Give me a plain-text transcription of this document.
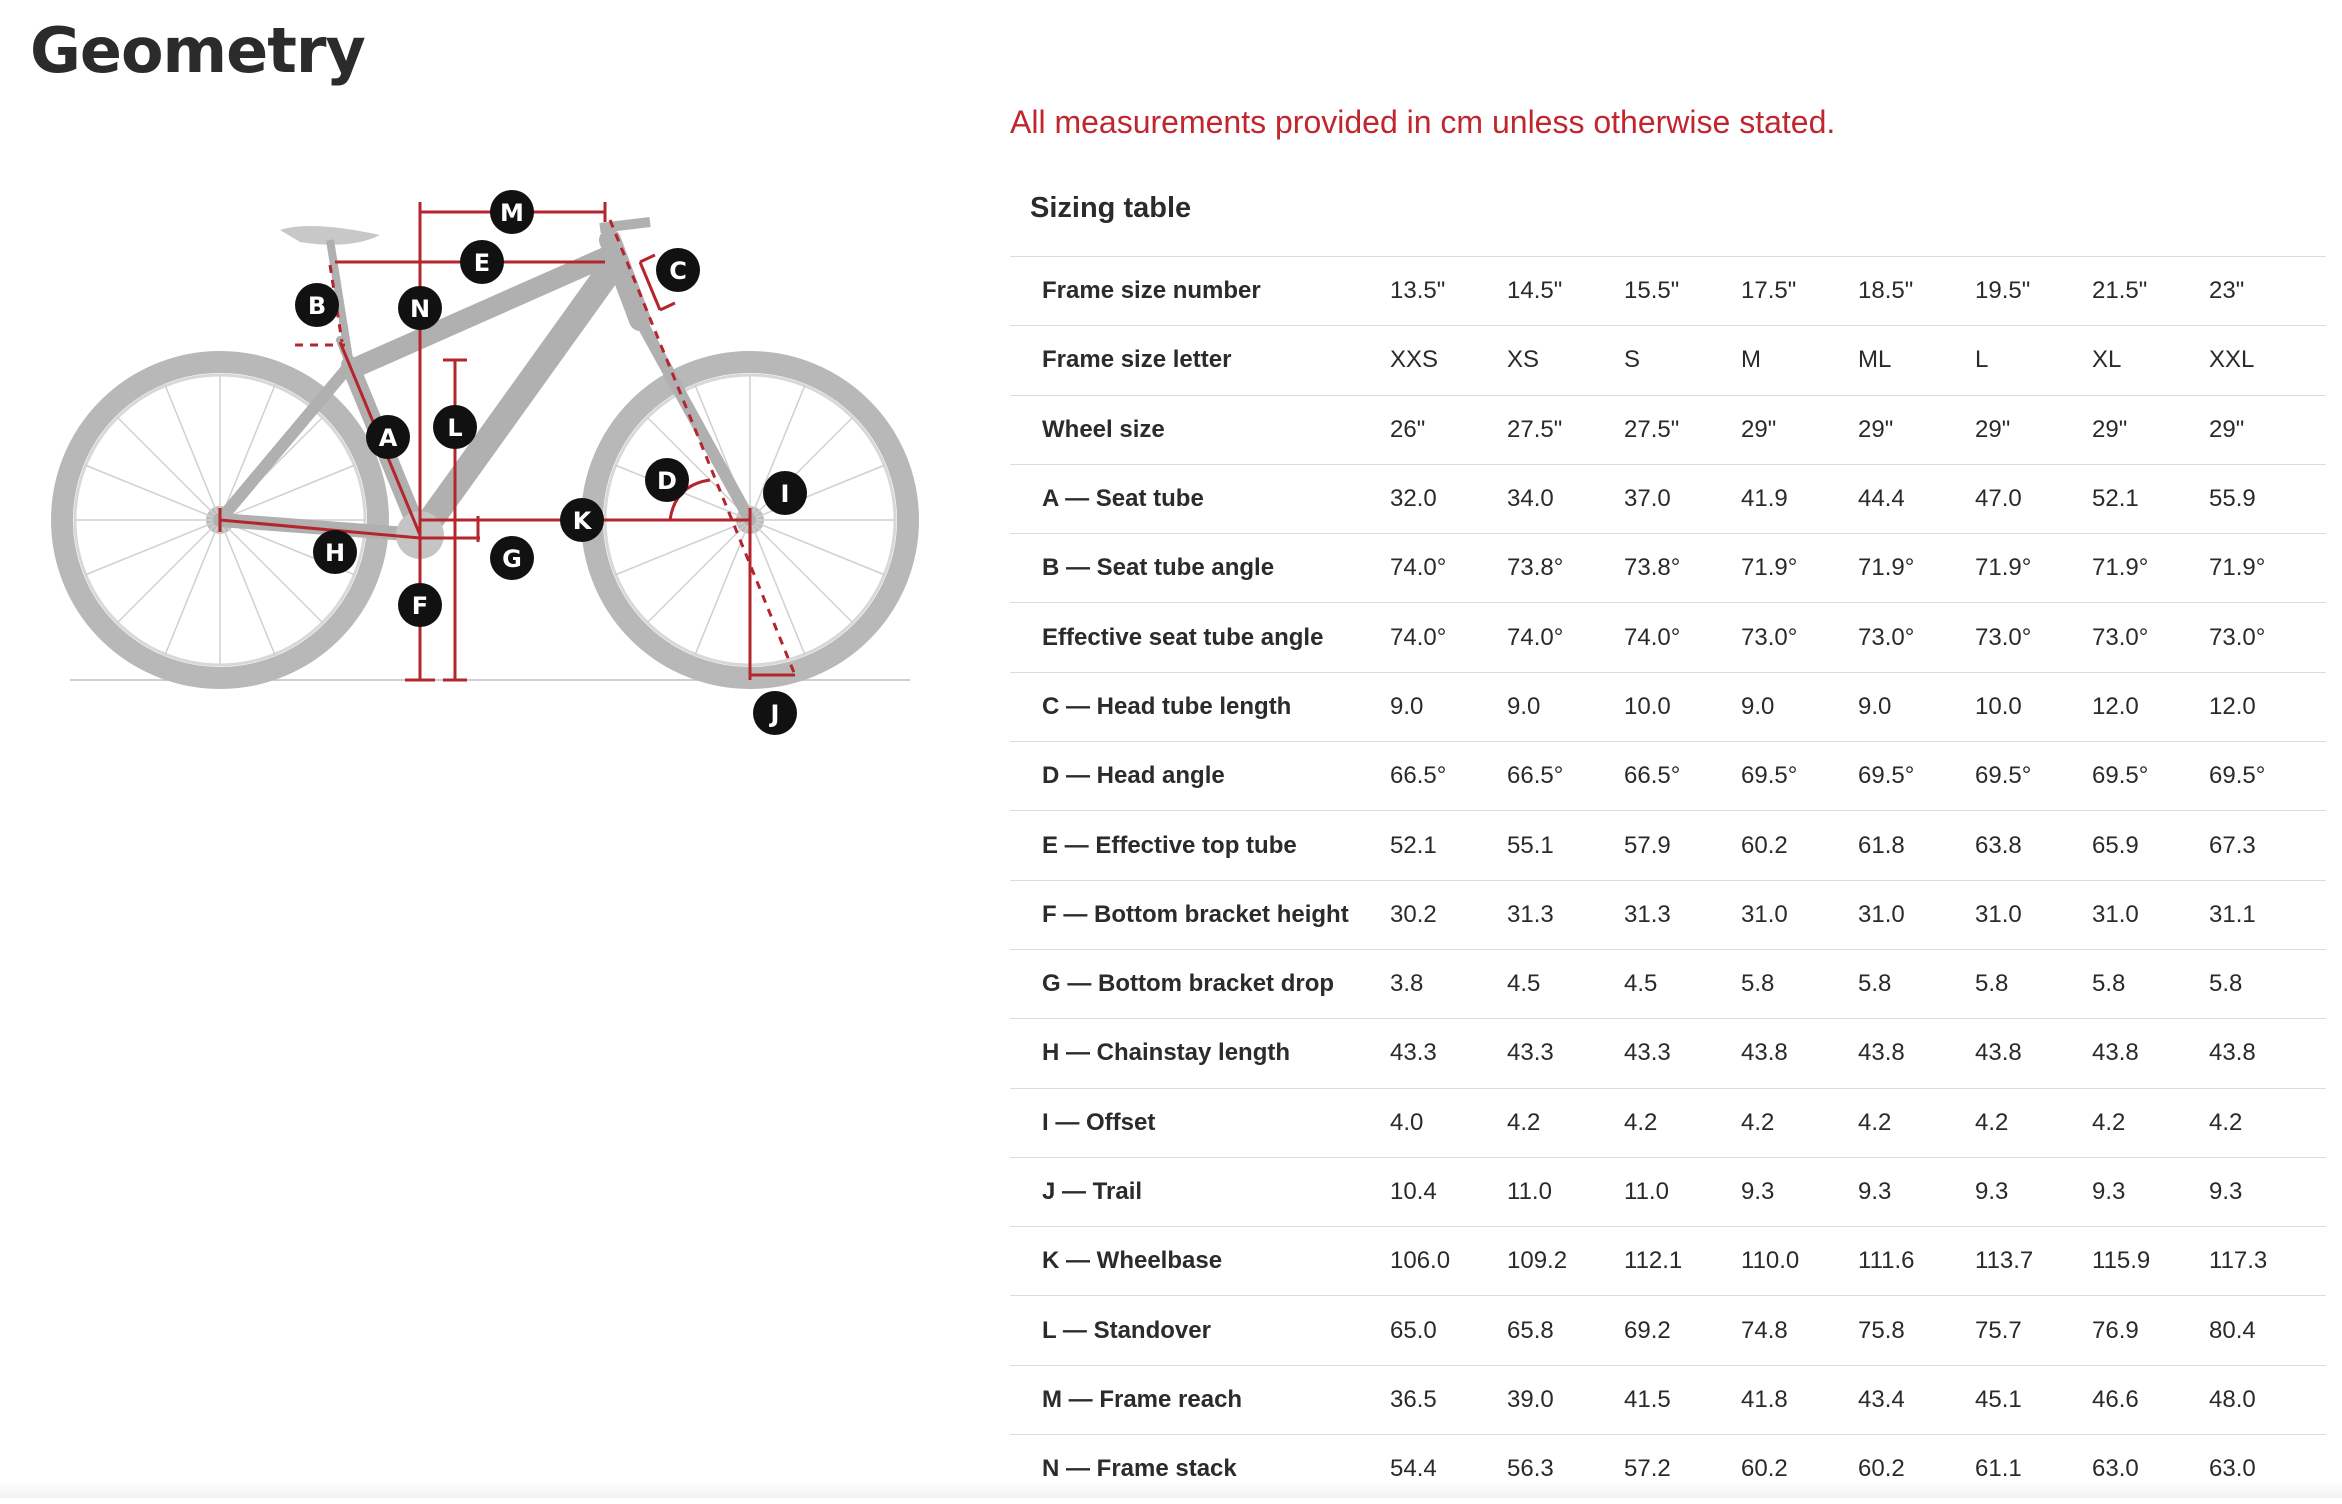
Geometry
M
E	C
B	N
A L
D	I
K
H	G
F
J

All measurements provided in cm unless otherwise stated.

Sizing table

Frame size number	13.5"	14.5"	15.5"	17.5"	18.5"	19.5"	21.5"	23"
Frame size letter	XXS	XS	S	M	ML	L	XL	XXL
Wheel size	26"	27.5"	27.5"	29"	29"	29"	29"	29"
A — Seat tube	32.0	34.0	37.0	41.9	44.4	47.0	52.1	55.9
B — Seat tube angle	74.0°	73.8°	73.8°	71.9°	71.9°	71.9°	71.9°	71.9°
Effective seat tube angle	74.0°	74.0°	74.0°	73.0°	73.0°	73.0°	73.0°	73.0°
C — Head tube length	9.0	9.0	10.0	9.0	9.0	10.0	12.0	12.0
D — Head angle	66.5°	66.5°	66.5°	69.5°	69.5°	69.5°	69.5°	69.5°
E — Effective top tube	52.1	55.1	57.9	60.2	61.8	63.8	65.9	67.3
F — Bottom bracket height	30.2	31.3	31.3	31.0	31.0	31.0	31.0	31.1
G — Bottom bracket drop	3.8	4.5	4.5	5.8	5.8	5.8	5.8	5.8
H — Chainstay length	43.3	43.3	43.3	43.8	43.8	43.8	43.8	43.8
I — Offset	4.0	4.2	4.2	4.2	4.2	4.2	4.2	4.2
J — Trail	10.4	11.0	11.0	9.3	9.3	9.3	9.3	9.3
K — Wheelbase	106.0	109.2	112.1	110.0	111.6	113.7	115.9	117.3
L — Standover	65.0	65.8	69.2	74.8	75.8	75.7	76.9	80.4
M — Frame reach	36.5	39.0	41.5	41.8	43.4	45.1	46.6	48.0
N — Frame stack	54.4	56.3	57.2	60.2	60.2	61.1	63.0	63.0
